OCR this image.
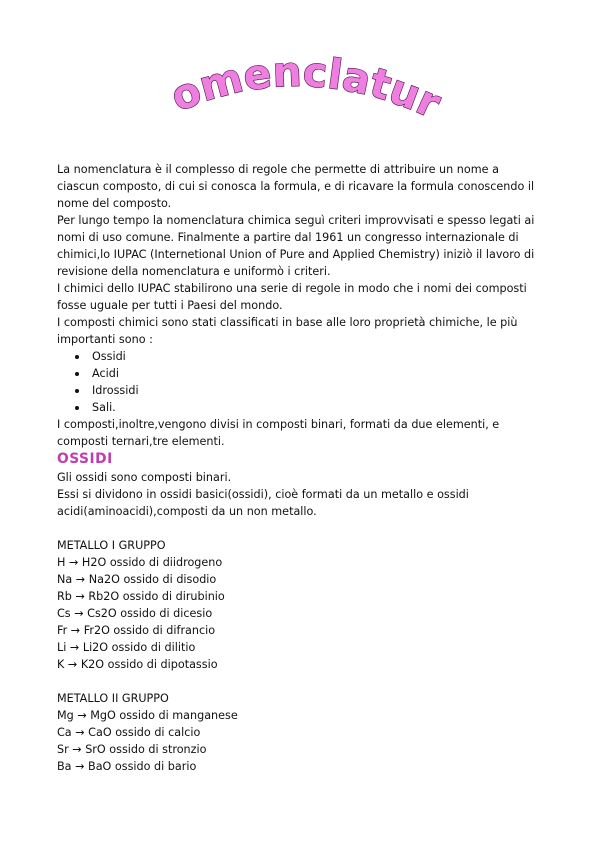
Nomenclatura

La nomenclatura è il complesso di regole che permette di attribuire un nome a ciascun composto, di cui si conosca la formula, e di ricavare la formula conoscendo il nome del composto.

Per lungo tempo la nomenclatura chimica seguì criteri improvvisati e spesso legati ai nomi di uso comune. Finalmente a partire dal 1961 un congresso internazionale di chimici,lo IUPAC (Internetional Union of Pure and Applied Chemistry) iniziò il lavoro di revisione della nomenclatura e uniformò i criteri.

I chimici dello IUPAC stabilirono una serie di regole in modo che i nomi dei composti fosse uguale per tutti i Paesi del mondo.

I composti chimici sono stati classificati in base alle loro proprietà chimiche, le più importanti sono :

Ossidi
Acidi
Idrossidi
Sali.

I composti,inoltre,vengono divisi in composti binari, formati da due elementi, e composti ternari,tre elementi.

OSSIDI

Gli ossidi sono composti binari.

Essi si dividono in ossidi basici(ossidi), cioè formati da un metallo e ossidi acidi(aminoacidi),composti da un non metallo.

METALLO I GRUPPO

H → H2O ossido di diidrogeno

Na → Na2O ossido di disodio

Rb → Rb2O ossido di dirubinio

Cs → Cs2O ossido di dicesio

Fr → Fr2O ossido di difrancio

Li → Li2O ossido di dilitio

K → K2O ossido di dipotassio

METALLO II GRUPPO

Mg → MgO ossido di manganese

Ca → CaO ossido di calcio

Sr → SrO ossido di stronzio

Ba → BaO ossido di bario
